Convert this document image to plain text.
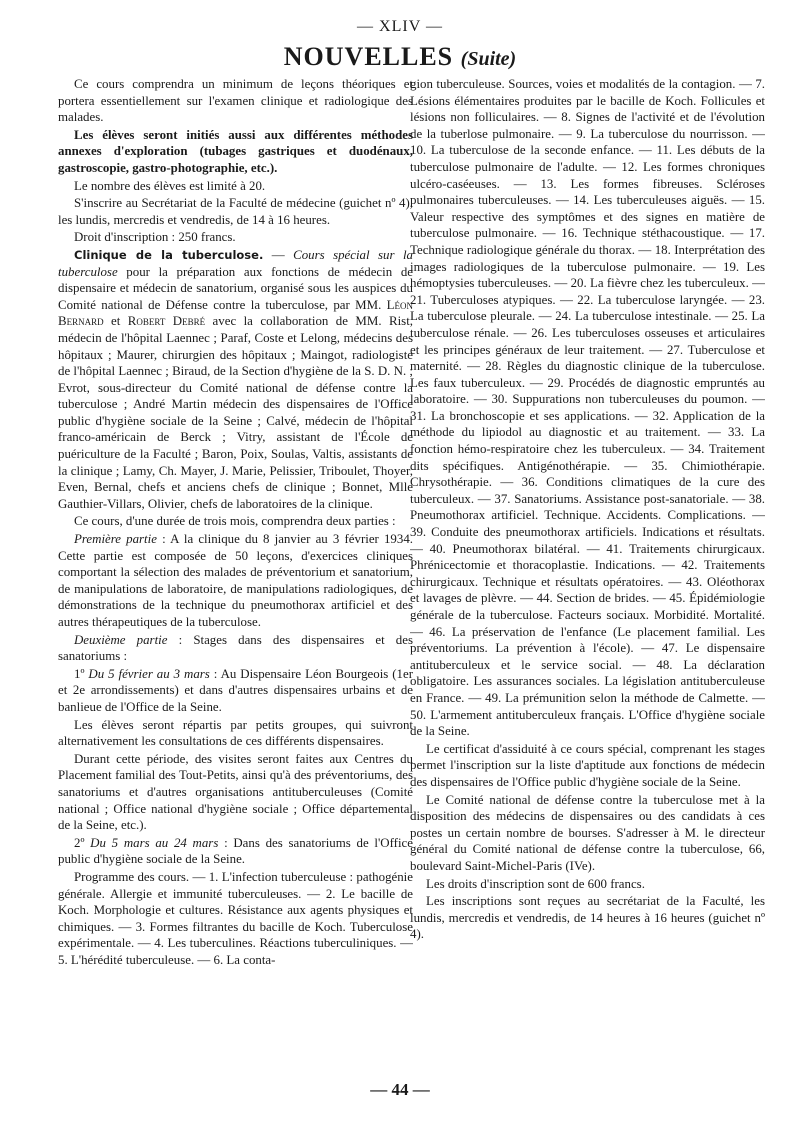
— XLIV —
NOUVELLES (Suite)

Ce cours comprendra un minimum de leçons théoriques et portera essentiellement sur l'examen clinique et radiologique des malades.

Les élèves seront initiés aussi aux différentes méthodes annexes d'exploration (tubages gastriques et duodénaux, gastroscopie, gastro-photographie, etc.).

Le nombre des élèves est limité à 20.

S'inscrire au Secrétariat de la Faculté de médecine (guichet nº 4), les lundis, mercredis et vendredis, de 14 à 16 heures.

Droit d'inscription : 250 francs.

Clinique de la tuberculose. — Cours spécial sur la tuberculose pour la préparation aux fonctions de médecin de dispensaire et médecin de sanatorium, organisé sous les auspices du Comité national de Défense contre la tuberculose, par MM. Léon Bernard et Robert Debré avec la collaboration de MM. Rist, médecin de l'hôpital Laennec ; Paraf, Coste et Lelong, médecins des hôpitaux ; Maurer, chirurgien des hôpitaux ; Maingot, radiologiste de l'hôpital Laennec ; Biraud, de la Section d'hygiène de la S. D. N. ; Evrot, sous-directeur du Comité national de défense contre la tuberculose ; André Martin médecin des dispensaires de l'Office public d'hygiène sociale de la Seine ; Calvé, médecin de l'hôpital franco-américain de Berck ; Vitry, assistant de l'École de puériculture de la Faculté ; Baron, Poix, Soulas, Valtis, assistants de la clinique ; Lamy, Ch. Mayer, J. Marie, Pelissier, Triboulet, Thoyer, Even, Bernal, chefs et anciens chefs de clinique ; Bonnet, Mlle Gauthier-Villars, Olivier, chefs de laboratoires de la clinique.

Ce cours, d'une durée de trois mois, comprendra deux parties :

Première partie : A la clinique du 8 janvier au 3 février 1934. Cette partie est composée de 50 leçons, d'exercices cliniques comportant la sélection des malades de préventorium et sanatorium, de manipulations de laboratoire, de manipulations radiologiques, de démonstrations de la technique du pneumothorax artificiel et des autres thérapeutiques de la tuberculose.

Deuxième partie : Stages dans des dispensaires et des sanatoriums :

1º Du 5 février au 3 mars : Au Dispensaire Léon Bourgeois (1er et 2e arrondissements) et dans d'autres dispensaires urbains et de banlieue de l'Office de la Seine.

Les élèves seront répartis par petits groupes, qui suivront alternativement les consultations de ces différents dispensaires.

Durant cette période, des visites seront faites aux Centres du Placement familial des Tout-Petits, ainsi qu'à des préventoriums, des sanatoriums et d'autres organisations antituberculeuses (Comité national ; Office national d'hygiène sociale ; Office départemental de la Seine, etc.).

2º Du 5 mars au 24 mars : Dans des sanatoriums de l'Office public d'hygiène sociale de la Seine.

Programme des cours. — 1. L'infection tuberculeuse : pathogénie générale. Allergie et immunité tuberculeuses. — 2. Le bacille de Koch. Morphologie et cultures. Résistance aux agents physiques et chimiques. — 3. Formes filtrantes du bacille de Koch. Tuberculose expérimentale. — 4. Les tuberculines. Réactions tuberculiniques. — 5. L'hérédité tuberculeuse. — 6. La conta-

gion tuberculeuse. Sources, voies et modalités de la contagion. — 7. Lésions élémentaires produites par le bacille de Koch. Follicules et lésions non folliculaires. — 8. Signes de l'activité et de l'évolution de la tuberlose pulmonaire. — 9. La tuberculose du nourrisson. — 10. La tuberculose de la seconde enfance. — 11. Les débuts de la tuberculose pulmonaire de l'adulte. — 12. Les formes chroniques ulcéro-caséeuses. — 13. Les formes fibreuses. Scléroses pulmonaires tuberculeuses. — 14. Les tuberculeuses aiguës. — 15. Valeur respective des symptômes et des signes en matière de tuberculose pulmonaire. — 16. Technique stéthacoustique. — 17. Technique radiologique générale du thorax. — 18. Interprétation des images radiologiques de la tuberculose pulmonaire. — 19. Les hémoptysies tuberculeuses. — 20. La fièvre chez les tuberculeux. — 21. Tuberculoses atypiques. — 22. La tuberculose laryngée. — 23. La tuberculose pleurale. — 24. La tuberculose intestinale. — 25. La tuberculose rénale. — 26. Les tuberculoses osseuses et articulaires et les principes généraux de leur traitement. — 27. Tuberculose et maternité. — 28. Règles du diagnostic clinique de la tuberculose. Les faux tuberculeux. — 29. Procédés de diagnostic empruntés au laboratoire. — 30. Suppurations non tuberculeuses du poumon. — 31. La bronchoscopie et ses applications. — 32. Application de la méthode du lipiodol au diagnostic et au traitement. — 33. La fonction hémo-respiratoire chez les tuberculeux. — 34. Traitement dits spécifiques. Antigénothérapie. — 35. Chimiothérapie. Chrysothérapie. — 36. Conditions climatiques de la cure des tuberculeux. — 37. Sanatoriums. Assistance post-sanatoriale. — 38. Pneumothorax artificiel. Technique. Accidents. Complications. — 39. Conduite des pneumothorax artificiels. Indications et résultats. — 40. Pneumothorax bilatéral. — 41. Traitements chirurgicaux. Phrénicectomie et thoracoplastie. Indications. — 42. Traitements chirurgicaux. Technique et résultats opératoires. — 43. Oléothorax et lavages de plèvre. — 44. Section de brides. — 45. Épidémiologie générale de la tuberculose. Facteurs sociaux. Morbidité. Mortalité. — 46. La préservation de l'enfance (Le placement familial. Les préventoriums. La prévention à l'école). — 47. Le dispensaire antituberculeux et le service social. — 48. La déclaration obligatoire. Les assurances sociales. La législation antituberculeuse en France. — 49. La prémunition selon la méthode de Calmette. — 50. L'armement antituberculeux français. L'Office d'hygiène sociale de la Seine.

Le certificat d'assiduité à ce cours spécial, comprenant les stages permet l'inscription sur la liste d'aptitude aux fonctions de médecin des dispensaires de l'Office public d'hygiène sociale de la Seine.

Le Comité national de défense contre la tuberculose met à la disposition des médecins de dispensaires ou des candidats à ces postes un certain nombre de bourses. S'adresser à M. le directeur général du Comité national de défense contre la tuberculose, 66, boulevard Saint-Michel-Paris (IVe).

Les droits d'inscription sont de 600 francs.

Les inscriptions sont reçues au secrétariat de la Faculté, les lundis, mercredis et vendredis, de 14 heures à 16 heures (guichet nº 4).

— 44 —
